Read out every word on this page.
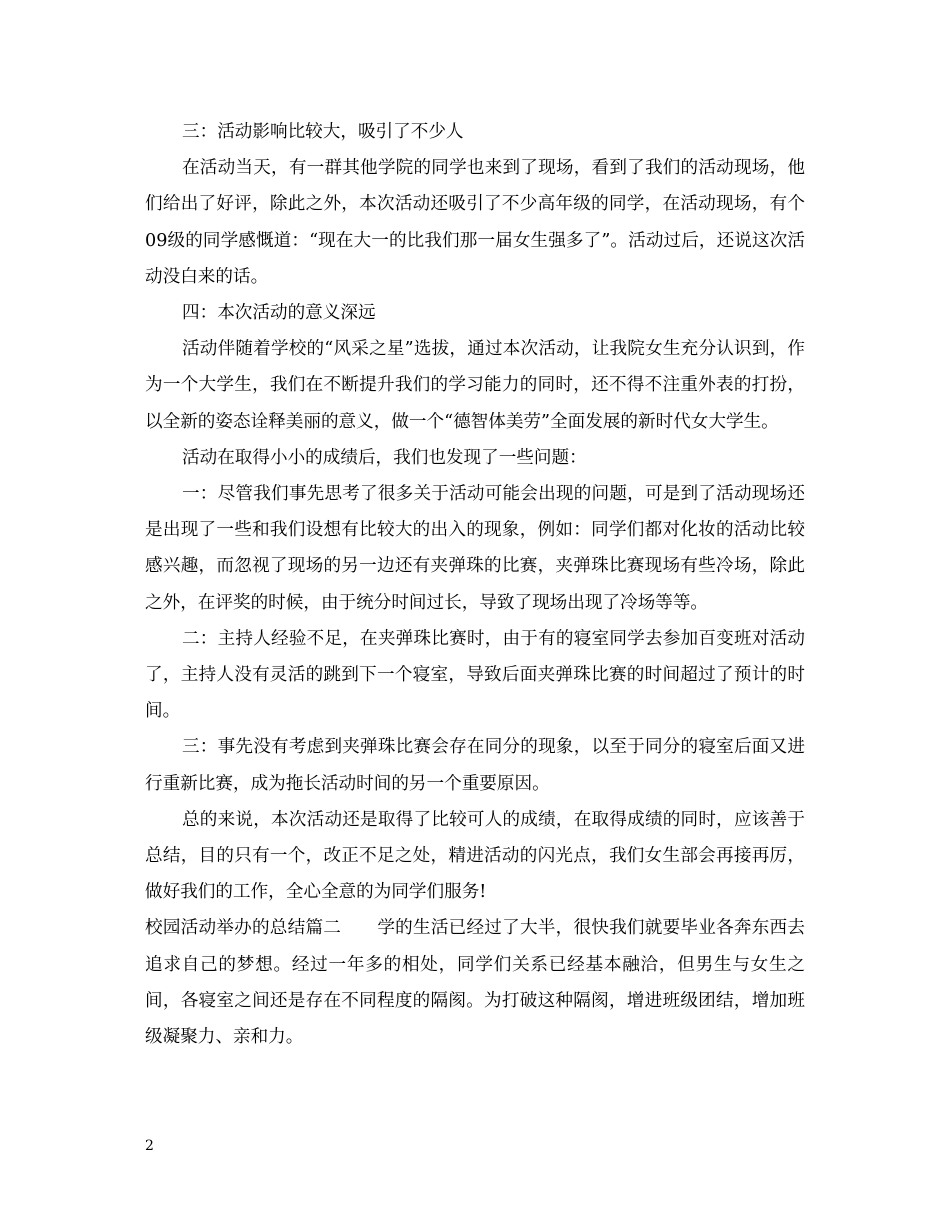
三：活动影响比较大，吸引了不少人

在活动当天，有一群其他学院的同学也来到了现场，看到了我们的活动现场，他们给出了好评，除此之外，本次活动还吸引了不少高年级的同学，在活动现场，有个09级的同学感慨道：“现在大一的比我们那一届女生强多了”。活动过后，还说这次活动没白来的话。

四：本次活动的意义深远

活动伴随着学校的“风采之星”选拔，通过本次活动，让我院女生充分认识到，作为一个大学生，我们在不断提升我们的学习能力的同时，还不得不注重外表的打扮，以全新的姿态诠释美丽的意义，做一个“德智体美劳”全面发展的新时代女大学生。

活动在取得小小的成绩后，我们也发现了一些问题：

一：尽管我们事先思考了很多关于活动可能会出现的问题，可是到了活动现场还是出现了一些和我们设想有比较大的出入的现象，例如：同学们都对化妆的活动比较感兴趣，而忽视了现场的另一边还有夹弹珠的比赛，夹弹珠比赛现场有些冷场，除此之外，在评奖的时候，由于统分时间过长，导致了现场出现了冷场等等。

二：主持人经验不足，在夹弹珠比赛时，由于有的寝室同学去参加百变班对活动了，主持人没有灵活的跳到下一个寝室，导致后面夹弹珠比赛的时间超过了预计的时间。

三：事先没有考虑到夹弹珠比赛会存在同分的现象，以至于同分的寝室后面又进行重新比赛，成为拖长活动时间的另一个重要原因。

总的来说，本次活动还是取得了比较可人的成绩，在取得成绩的同时，应该善于总结，目的只有一个，改正不足之处，精进活动的闪光点，我们女生部会再接再厉，做好我们的工作，全心全意的为同学们服务!

校园活动举办的总结篇二 学的生活已经过了大半，很快我们就要毕业各奔东西去追求自己的梦想。经过一年多的相处，同学们关系已经基本融洽，但男生与女生之间，各寝室之间还是存在不同程度的隔阂。为打破这种隔阂，增进班级团结，增加班级凝聚力、亲和力。

2
